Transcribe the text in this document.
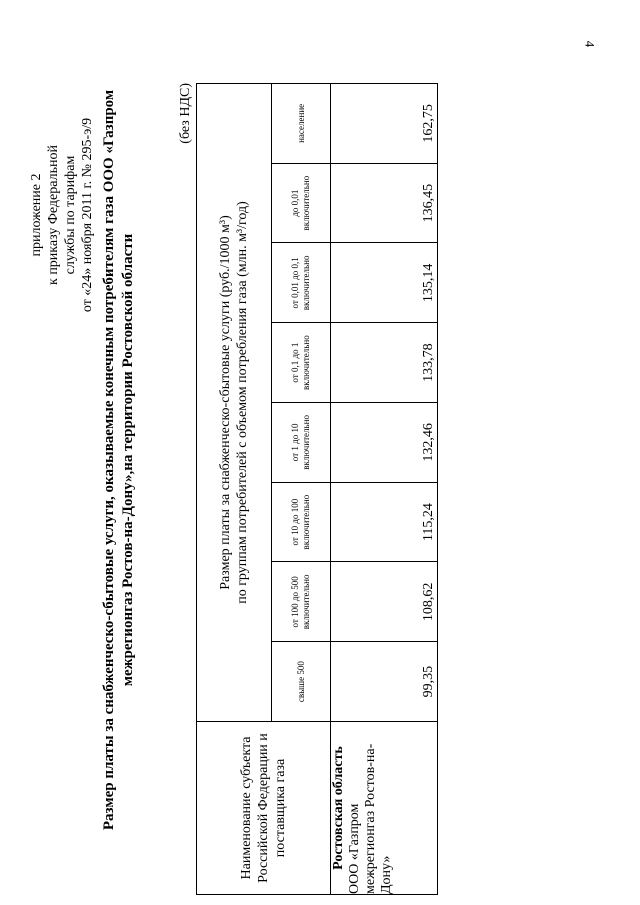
4
приложение 2 к приказу Федеральной службы по тарифам от «24» ноября 2011 г. № 295-э/9 Размер платы за снабженческо-сбытовые услуги, оказываемые конечным потребителям газа ООО «Газпром межрегионгаз Ростов-на-Дону»,на территории Ростовской области
(без НДС)
Наименование субъекта Российской Федерации и поставщика газа	Размер платы за снабженческо-сбытовые услуги (руб./1000 м³) по группам потребителей с объемом потребления газа (млн. м³/год)							

	свыше 500	от 100 до 500 включительно	от 10 до 100 включительно	от 1 до 10 включительно	от 0,1 до 1 включительно	от 0,01 до 0,1 включительно	до 0,01 включительно	население

Ростовская область ООО «Газпром межрегионгаз Ростов-на-Дону»	99,35	108,62	115,24	132,46	133,78	135,14	136,45	162,75
